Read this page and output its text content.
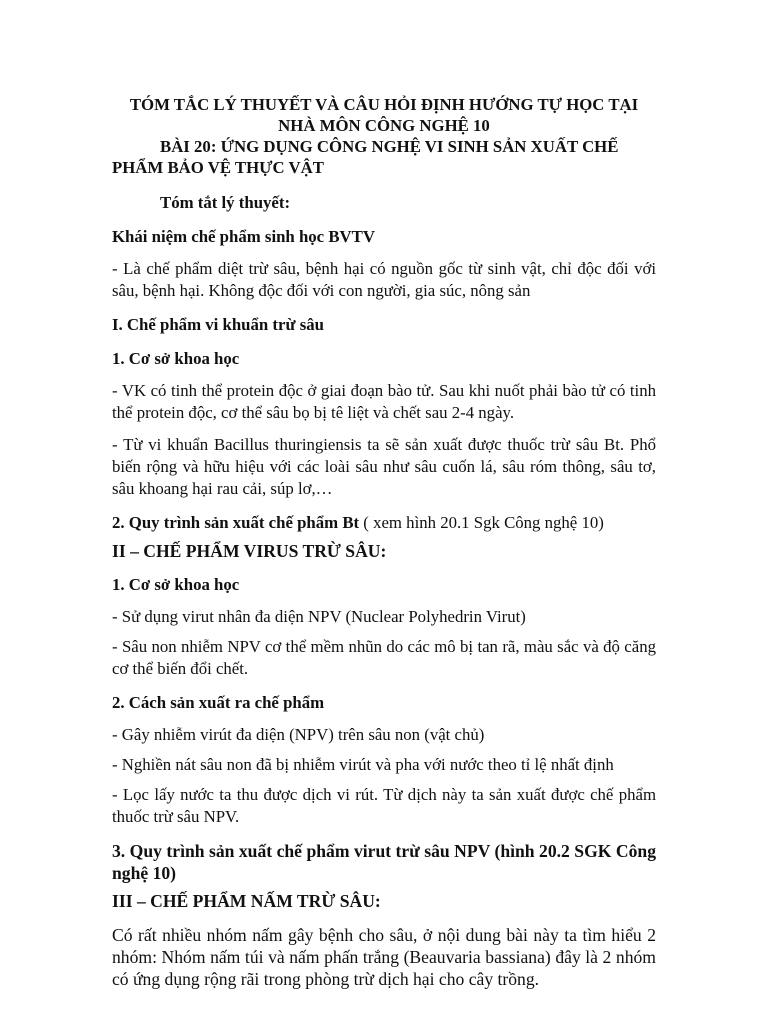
TÓM TẮC LÝ THUYẾT VÀ CÂU HỎI ĐỊNH HƯỚNG TỰ HỌC TẠI

NHÀ MÔN CÔNG NGHỆ 10

BÀI 20: ỨNG DỤNG CÔNG NGHỆ VI SINH SẢN XUẤT CHẾ PHẨM BẢO VỆ THỰC VẬT

Tóm tắt lý thuyết:

Khái niệm chế phẩm sinh học BVTV

- Là chế phẩm diệt trừ sâu, bệnh hại có nguồn gốc từ sinh vật, chỉ độc đối với sâu, bệnh hại. Không độc đối với con người, gia súc, nông sản

I. Chế phẩm vi khuẩn trừ sâu

1. Cơ sở khoa học

- VK có tinh thể protein độc ở giai đoạn bào tử. Sau khi nuốt phải bào tử có tinh thể protein độc, cơ thể sâu bọ bị tê liệt và chết sau 2-4 ngày.

- Từ vi khuẩn Bacillus thuringiensis ta sẽ sản xuất được thuốc trừ sâu Bt. Phổ biến rộng và hữu hiệu với các loài sâu như sâu cuốn lá, sâu róm thông, sâu tơ, sâu khoang hại rau cải, súp lơ,…

2. Quy trình sản xuất chế phẩm Bt ( xem hình 20.1 Sgk Công nghệ 10)

II – CHẾ PHẨM VIRUS TRỪ SÂU:

1. Cơ sở khoa học

- Sử dụng virut nhân đa diện NPV (Nuclear Polyhedrin Virut)

- Sâu non nhiễm NPV cơ thể mềm nhũn do các mô bị tan rã, màu sắc và độ căng cơ thể biến đổi chết.

2. Cách sản xuất ra chế phẩm

- Gây nhiễm virút đa diện (NPV) trên sâu non (vật chủ)

- Nghiền nát sâu non đã bị nhiễm virút và pha với nước theo tỉ lệ nhất định

- Lọc lấy nước ta thu được dịch vi rút. Từ dịch này ta sản xuất được chế phẩm thuốc trừ sâu NPV.

3. Quy trình sản xuất chế phẩm virut trừ sâu NPV (hình 20.2 SGK Công nghệ 10)

III – CHẾ PHẨM NẤM TRỪ SÂU:

Có rất nhiều nhóm nấm gây bệnh cho sâu, ở nội dung bài này ta tìm hiểu 2 nhóm: Nhóm nấm túi và nấm phấn trắng (Beauvaria bassiana) đây là 2 nhóm có ứng dụng rộng rãi trong phòng trừ dịch hại cho cây trồng.
